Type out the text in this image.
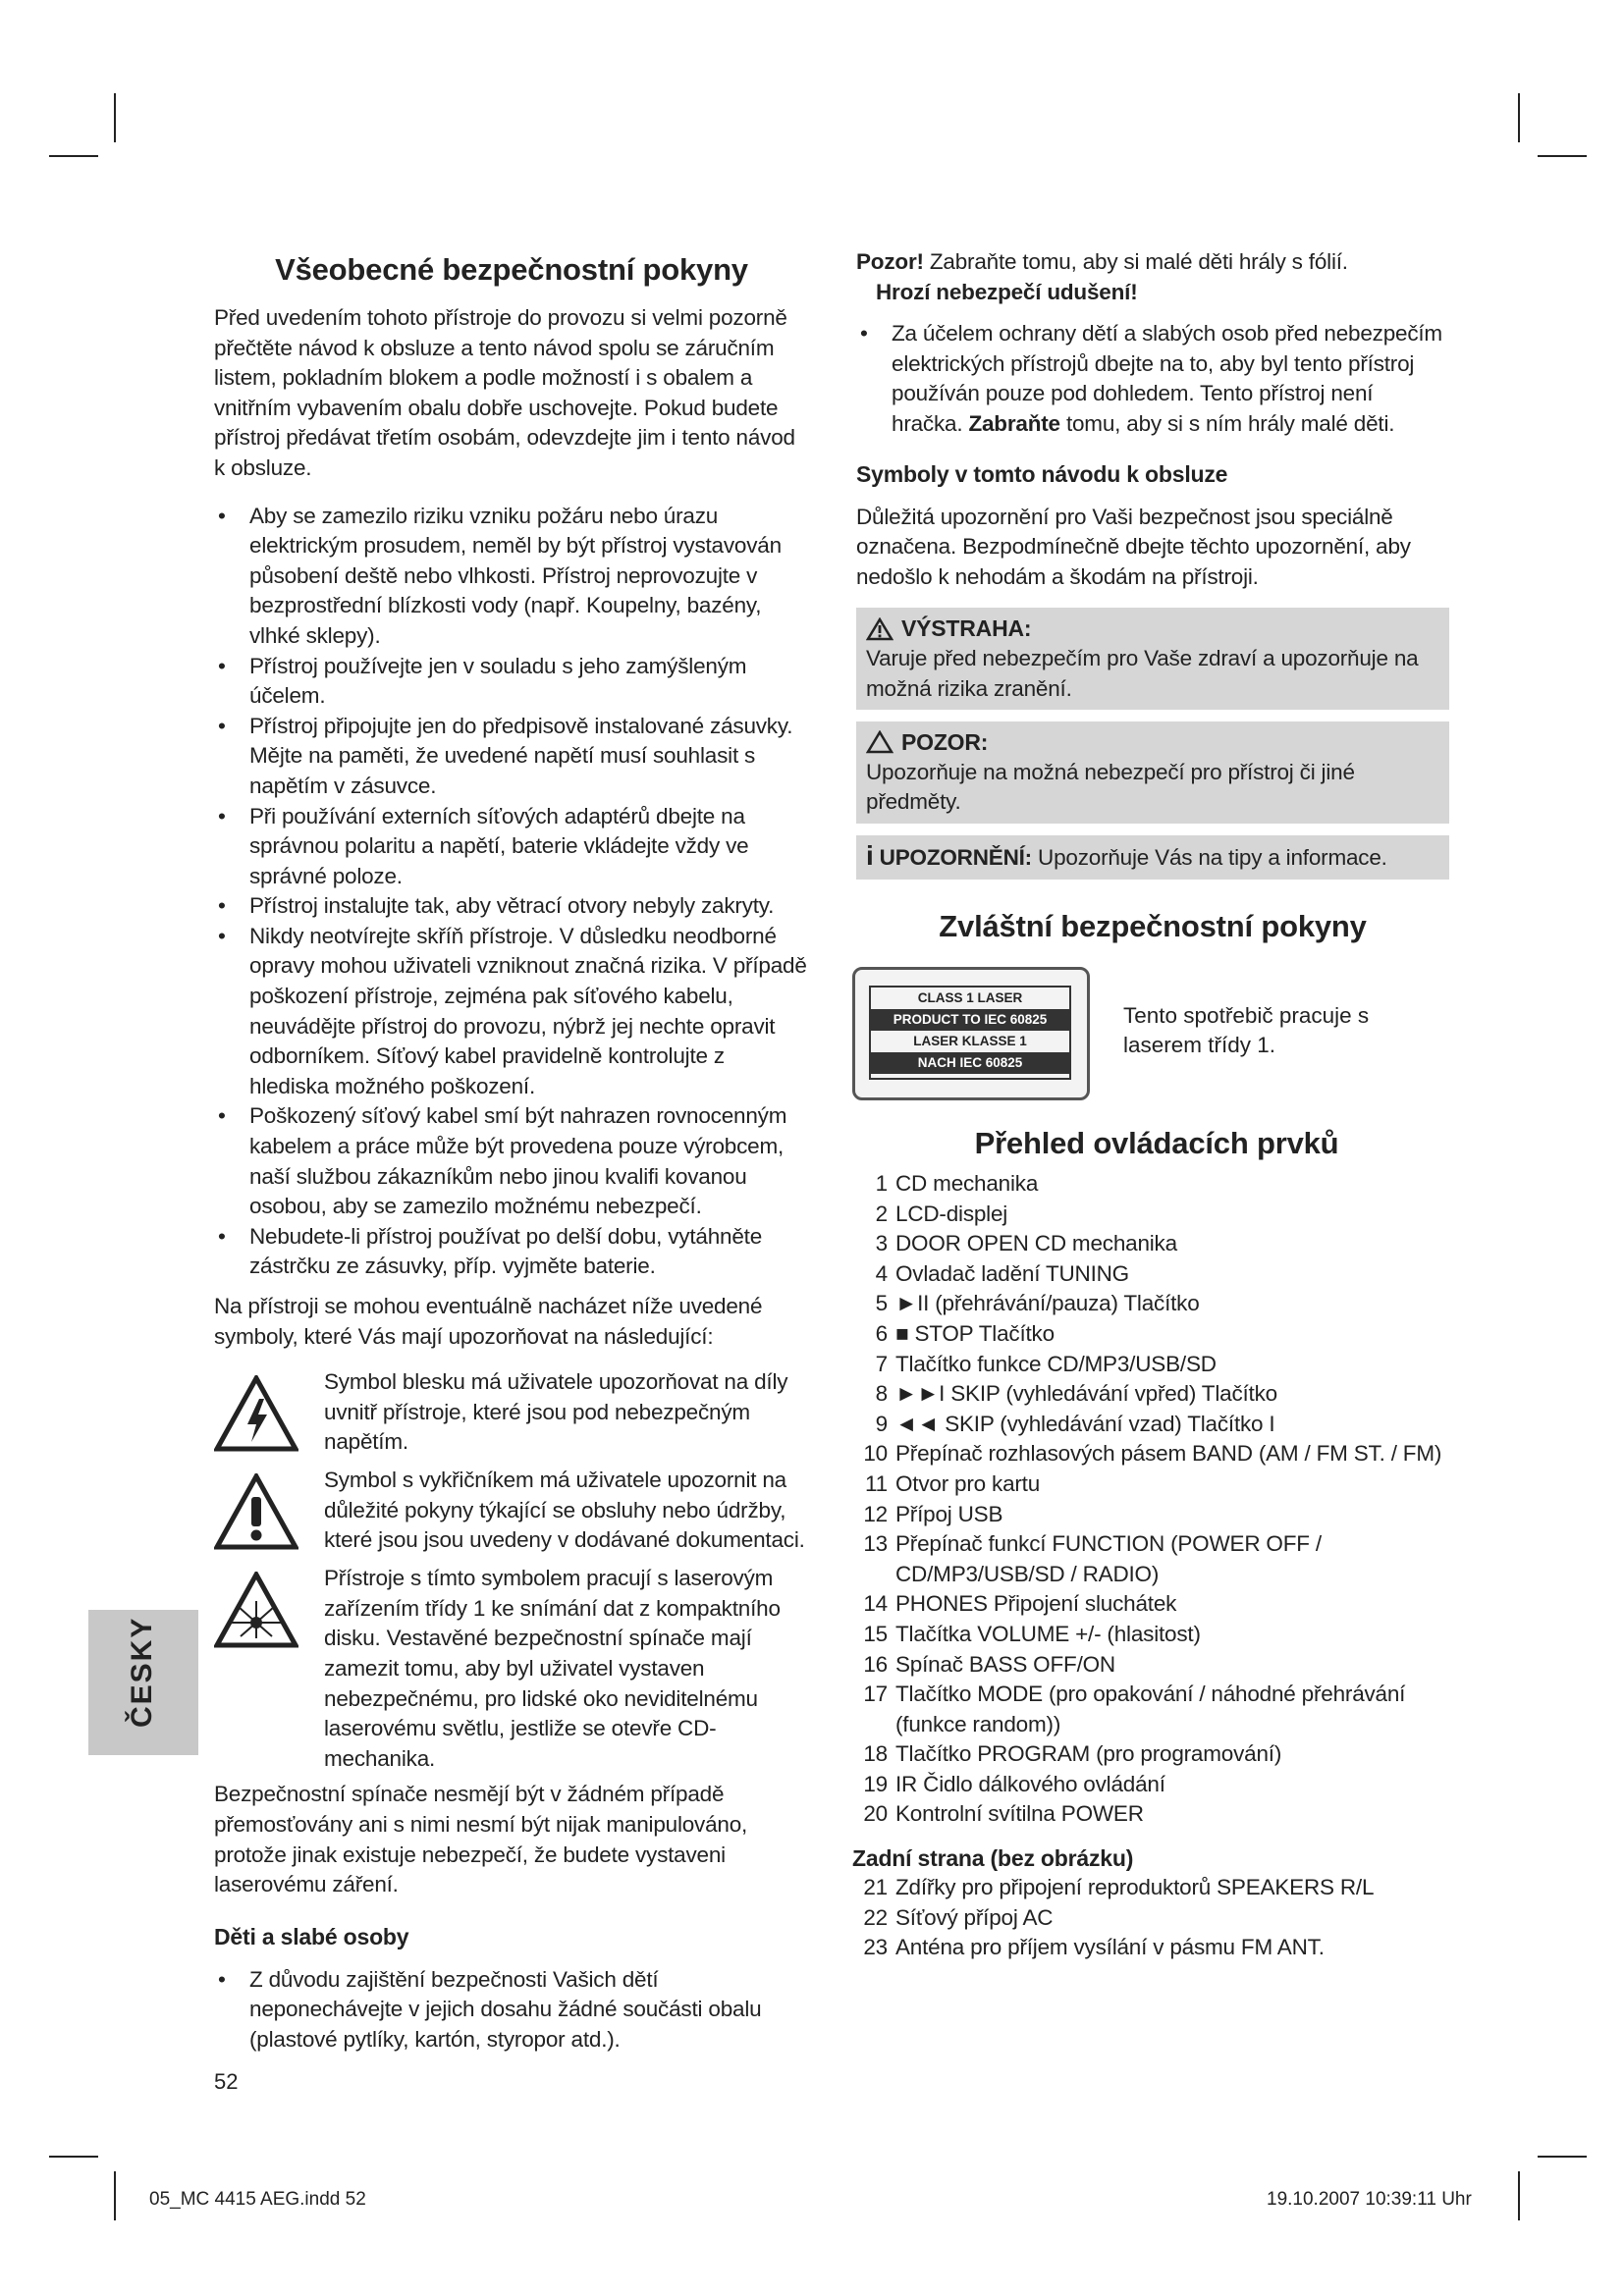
Všeobecné bezpečnostní pokyny

Před uvedením tohoto přístroje do provozu si velmi pozorně přečtěte návod k obsluze a tento návod spolu se záručním listem, pokladním blokem a podle možností i s obalem a vnitřním vybavením obalu dobře uschovejte. Pokud budete přístroj předávat třetím osobám, odevzdejte jim i tento návod k obsluze.

• Aby se zamezilo riziku vzniku požáru nebo úrazu elektrickým prosudem, neměl by být přístroj vystavován působení deště nebo vlhkosti. Přístroj neprovozujte v bezprostřední blízkosti vody (např. Koupelny, bazény, vlhké sklepy).
• Přístroj používejte jen v souladu s jeho zamýšleným účelem.
• Přístroj připojujte jen do předpisově instalované zásuvky. Mějte na paměti, že uvedené napětí musí souhlasit s napětím v zásuvce.
• Při používání externích síťových adaptérů dbejte na správnou polaritu a napětí, baterie vkládejte vždy ve správné poloze.
• Přístroj instalujte tak, aby větrací otvory nebyly zakryty.
• Nikdy neotvírejte skříň přístroje. V důsledku neodborné opravy mohou uživateli vzniknout značná rizika. V případě poškození přístroje, zejména pak síťového kabelu, neuvádějte přístroj do provozu, nýbrž jej nechte opravit odborníkem. Síťový kabel pravidelně kontrolujte z hlediska možného poškození.
• Poškozený síťový kabel smí být nahrazen rovnocenným kabelem a práce může být provedena pouze výrobcem, naší službou zákazníkům nebo jinou kvalifi kovanou osobou, aby se zamezilo možnému nebezpečí.
• Nebudete-li přístroj používat po delší dobu, vytáhněte zástrčku ze zásuvky, příp. vyjměte baterie.

Na přístroji se mohou eventuálně nacházet níže uvedené symboly, které Vás mají upozorňovat na následující:

Symbol blesku má uživatele upozorňovat na díly uvnitř přístroje, které jsou pod nebezpečným napětím.

Symbol s vykřičníkem má uživatele upozornit na důležité pokyny týkající se obsluhy nebo údržby, které jsou jsou uvedeny v dodávané dokumentaci.

Přístroje s tímto symbolem pracují s laserovým zařízením třídy 1 ke snímání dat z kompaktního disku. Vestavěné bezpečnostní spínače mají zamezit tomu, aby byl uživatel vystaven nebezpečnému, pro lidské oko neviditelnému laserovému světlu, jestliže se otevře CD-mechanika.

Bezpečnostní spínače nesmějí být v žádném případě přemosťovány ani s nimi nesmí být nijak manipulováno, protože jinak existuje nebezpečí, že budete vystaveni laserovému záření.

Děti a slabé osoby
• Z důvodu zajištění bezpečnosti Vašich dětí neponechávejte v jejich dosahu žádné součásti obalu (plastové pytlíky, kartón, styropor atd.).
ČESKY
52

Pozor! Zabraňte tomu, aby si malé děti hrály s fólií.

Hrozí nebezpečí udušení!

• Za účelem ochrany dětí a slabých osob před nebezpečím elektrických přístrojů dbejte na to, aby byl tento přístroj používán pouze pod dohledem. Tento přístroj není hračka. Zabraňte tomu, aby si s ním hrály malé děti.
Symboly v tomto návodu k obsluze

Důležitá upozornění pro Vaši bezpečnost jsou speciálně označena. Bezpodmínečně dbejte těchto upozornění, aby nedošlo k nehodám a škodám na přístroji.

VÝSTRAHA:

Varuje před nebezpečím pro Vaše zdraví a upozorňuje na možná rizika zranění.

POZOR:

Upozorňuje na možná nebezpečí pro přístroj či jiné předměty.

i UPOZORNĚNÍ: Upozorňuje Vás na tipy a informace.
Zvláštní bezpečnostní pokyny
CLASS 1 LASER
PRODUCT TO IEC 60825
LASER KLASSE 1
NACH IEC 60825
Tento spotřebič pracuje s laserem třídy 1.
Přehled ovládacích prvků
1 CD mechanika
2 LCD-displej
3 DOOR OPEN CD mechanika
4 Ovladač ladění TUNING
5 ►II (přehrávání/pauza) Tlačítko
6 ■ STOP Tlačítko
7 Tlačítko funkce CD/MP3/USB/SD
8 ►►I SKIP (vyhledávání vpřed) Tlačítko
9 ◄◄ SKIP (vyhledávání vzad) Tlačítko I
10 Přepínač rozhlasových pásem BAND (AM / FM ST. / FM)
11 Otvor pro kartu
12 Přípoj USB
13 Přepínač funkcí FUNCTION (POWER OFF / CD/MP3/USB/SD / RADIO)
14 PHONES Připojení sluchátek
15 Tlačítka VOLUME +/- (hlasitost)
16 Spínač BASS OFF/ON
17 Tlačítko MODE (pro opakování / náhodné přehrávání (funkce random))
18 Tlačítko PROGRAM (pro programování)
19 IR Čidlo dálkového ovládání
20 Kontrolní svítilna POWER
Zadní strana (bez obrázku)
21 Zdířky pro připojení reproduktorů SPEAKERS R/L
22 Síťový přípoj AC
23 Anténa pro příjem vysílání v pásmu FM ANT.
05_MC 4415 AEG.indd 52	19.10.2007 10:39:11 Uhr
